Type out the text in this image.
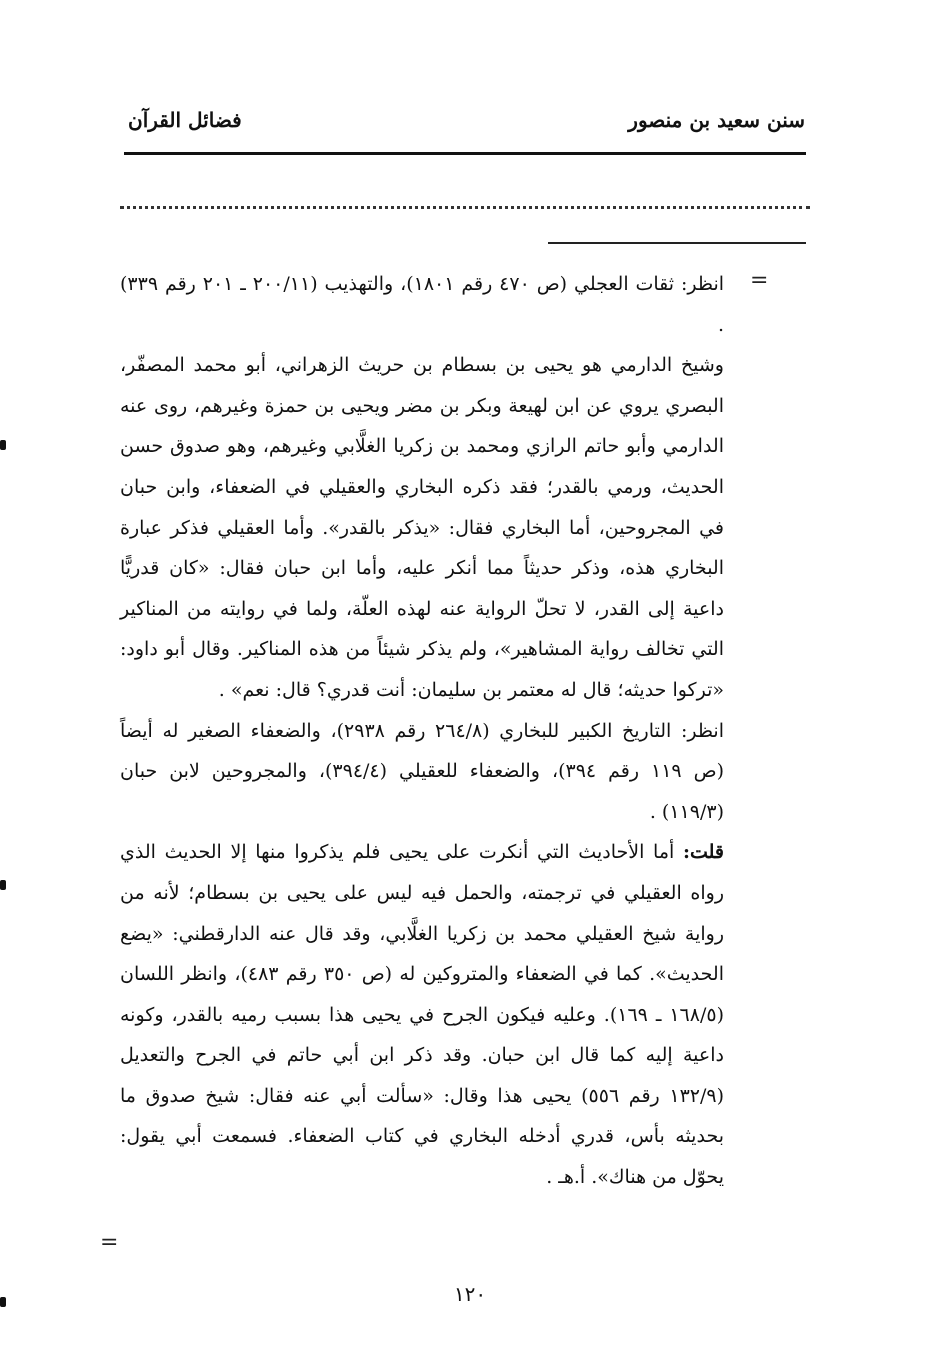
سنن سعيد بن منصور
فضائل القرآن
=

انظر: ثقات العجلي (ص ٤٧٠ رقم ١٨٠١)، والتهذيب (٢٠٠/١١ ـ ٢٠١ رقم ٣٣٩) .

وشيخ الدارمي هو يحيى بن بسطام بن حريث الزهراني، أبو محمد المصفّر، البصري يروي عن ابن لهيعة وبكر بن مضر ويحيى بن حمزة وغيرهم، روى عنه الدارمي وأبو حاتم الرازي ومحمد بن زكريا الغلَّابي وغيرهم، وهو صدوق حسن الحديث، ورمي بالقدر؛ فقد ذكره البخاري والعقيلي في الضعفاء، وابن حبان في المجروحين، أما البخاري فقال: «يذكر بالقدر». وأما العقيلي فذكر عبارة البخاري هذه، وذكر حديثاً مما أنكر عليه، وأما ابن حبان فقال: «كان قدريًّا داعية إلى القدر، لا تحلّ الرواية عنه لهذه العلّة، ولما في روايته من المناكير التي تخالف رواية المشاهير»، ولم يذكر شيئاً من هذه المناكير. وقال أبو داود: «تركوا حديثه؛ قال له معتمر بن سليمان: أنت قدري؟ قال: نعم» .

انظر: التاريخ الكبير للبخاري (٢٦٤/٨ رقم ٢٩٣٨)، والضعفاء الصغير له أيضاً (ص ١١٩ رقم ٣٩٤)، والضعفاء للعقيلي (٣٩٤/٤)، والمجروحين لابن حبان (١١٩/٣) .

قلت: أما الأحاديث التي أنكرت على يحيى فلم يذكروا منها إلا الحديث الذي رواه العقيلي في ترجمته، والحمل فيه ليس على يحيى بن بسطام؛ لأنه من رواية شيخ العقيلي محمد بن زكريا الغلَّابي، وقد قال عنه الدارقطني: «يضع الحديث». كما في الضعفاء والمتروكين له (ص ٣٥٠ رقم ٤٨٣)، وانظر اللسان (١٦٨/٥ ـ ١٦٩). وعليه فيكون الجرح في يحيى هذا بسبب رميه بالقدر، وكونه داعية إليه كما قال ابن حبان. وقد ذكر ابن أبي حاتم في الجرح والتعديل (١٣٢/٩ رقم ٥٥٦) يحيى هذا وقال: «سألت أبي عنه فقال: شيخ صدوق ما بحديثه بأس، قدري أدخله البخاري في كتاب الضعفاء. فسمعت أبي يقول: يحوّل من هناك». أ.هـ .

=
١٢٠
